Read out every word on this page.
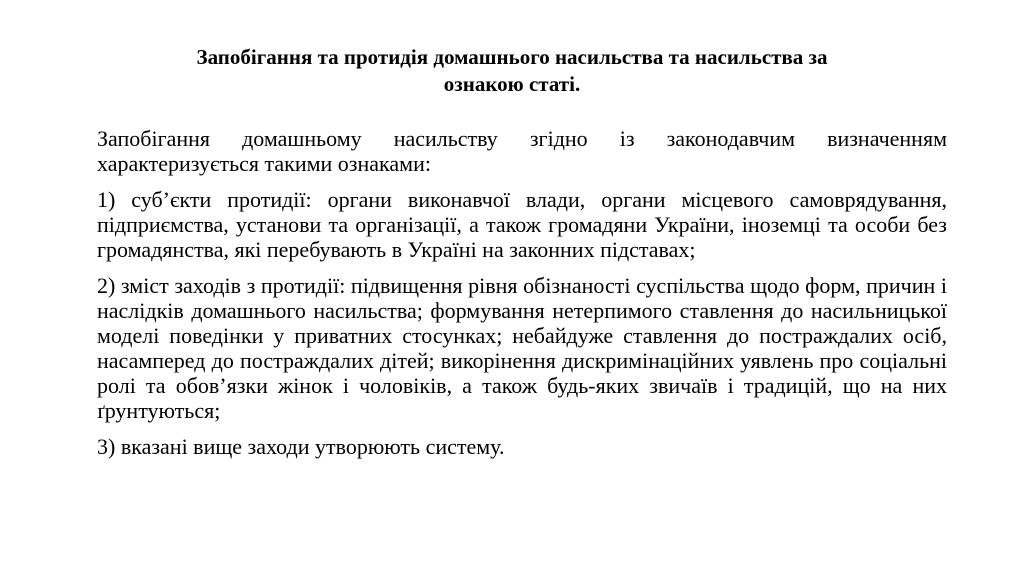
Запобігання та протидія домашнього насильства та насильства за
ознакою статі.

Запобігання домашньому насильству згідно із законодавчим визначенням характеризується такими ознаками:

1) суб’єкти протидії: органи виконавчої влади, органи місцевого самоврядування, підприємства, установи та організації, а також громадяни України, іноземці та особи без громадянства, які перебувають в Україні на законних підставах;

2) зміст заходів з протидії: підвищення рівня обізнаності суспільства щодо форм, причин і наслідків домашнього насильства; формування нетерпимого ставлення до насильницької моделі поведінки у приватних стосунках; небайдуже ставлення до постраждалих осіб, насамперед до постраждалих дітей; викорінення дискримінаційних уявлень про соціальні ролі та обов’язки жінок і чоловіків, а також будь-яких звичаїв і традицій, що на них ґрунтуються;

3) вказані вище заходи утворюють систему.
